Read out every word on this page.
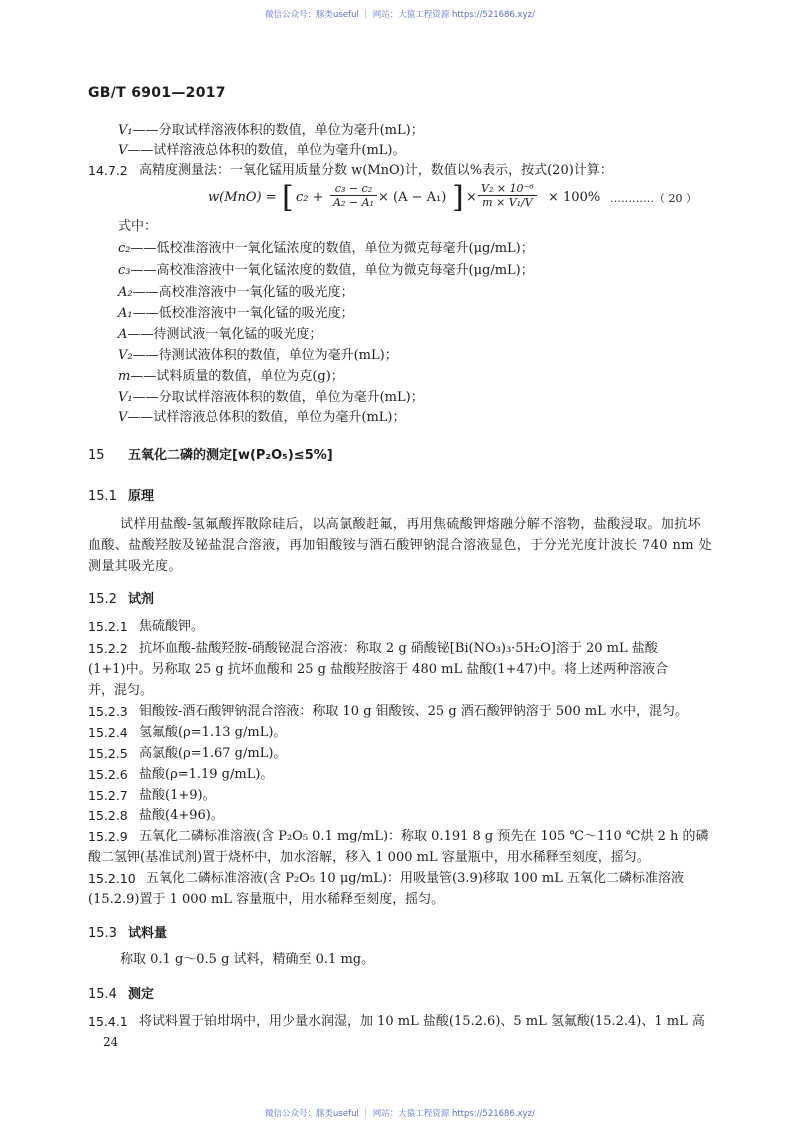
微信公众号：豚类useful ｜ 网站：大猿工程资源 https://521686.xyz/
GB/T 6901—2017
V₁——分取试样溶液体积的数值，单位为毫升(mL)；
V——试样溶液总体积的数值，单位为毫升(mL)。
14.7.2 高精度测量法：一氧化锰用质量分数 w(MnO)计，数值以%表示，按式(20)计算：
w(MnO) = [ $c_2 + \frac{\text{c₃ − c₂}}{\text{A₂ − A₁}} \times (A - A_1)$ ] × $\frac{\text{V₂ × 10⁻⁶}}{\text{m × V₁/V}} \times 100\%$ …………（ 20 ）
式中：
c₂——低校准溶液中一氧化锰浓度的数值，单位为微克每毫升(μg/mL)；
c₃——高校准溶液中一氧化锰浓度的数值，单位为微克每毫升(μg/mL)；
A₂——高校准溶液中一氧化锰的吸光度；
A₁——低校准溶液中一氧化锰的吸光度；
A——待测试液一氧化锰的吸光度；
V₂——待测试液体积的数值，单位为毫升(mL)；
m——试料质量的数值，单位为克(g)；
V₁——分取试样溶液体积的数值，单位为毫升(mL)；
V——试样溶液总体积的数值，单位为毫升(mL)；
15 五氧化二磷的测定[w(P₂O₅)≤5%]
15.1 原理
试样用盐酸-氢氟酸挥散除硅后，以高氯酸赶氟，再用焦硫酸钾熔融分解不溶物，盐酸浸取。加抗坏血酸、盐酸羟胺及铋盐混合溶液，再加钼酸铵与酒石酸钾钠混合溶液显色，于分光光度计波长 740 nm 处测量其吸光度。
15.2 试剂
15.2.1 焦硫酸钾。
15.2.2 抗坏血酸-盐酸羟胺-硝酸铋混合溶液：称取 2 g 硝酸铋[Bi(NO₃)₃·5H₂O]溶于 20 mL 盐酸
(1+1)中。另称取 25 g 抗坏血酸和 25 g 盐酸羟胺溶于 480 mL 盐酸(1+47)中。将上述两种溶液合
并，混匀。
15.2.3 钼酸铵-酒石酸钾钠混合溶液：称取 10 g 钼酸铵、25 g 酒石酸钾钠溶于 500 mL 水中，混匀。
15.2.4 氢氟酸(ρ=1.13 g/mL)。
15.2.5 高氯酸(ρ=1.67 g/mL)。
15.2.6 盐酸(ρ=1.19 g/mL)。
15.2.7 盐酸(1+9)。
15.2.8 盐酸(4+96)。
15.2.9 五氧化二磷标准溶液(含 P₂O₅ 0.1 mg/mL)：称取 0.191 8 g 预先在 105 ℃～110 ℃烘 2 h 的磷
酸二氢钾(基准试剂)置于烧杯中，加水溶解，移入 1 000 mL 容量瓶中，用水稀释至刻度，摇匀。
15.2.10 五氧化二磷标准溶液(含 P₂O₅ 10 μg/mL)：用吸量管(3.9)移取 100 mL 五氧化二磷标准溶液
(15.2.9)置于 1 000 mL 容量瓶中，用水稀释至刻度，摇匀。
15.3 试料量
称取 0.1 g～0.5 g 试料，精确至 0.1 mg。
15.4 测定
15.4.1 将试料置于铂坩埚中，用少量水润湿，加 10 mL 盐酸(15.2.6)、5 mL 氢氟酸(15.2.4)、1 mL 高
24
微信公众号：豚类useful ｜ 网站：大猿工程资源 https://521686.xyz/
